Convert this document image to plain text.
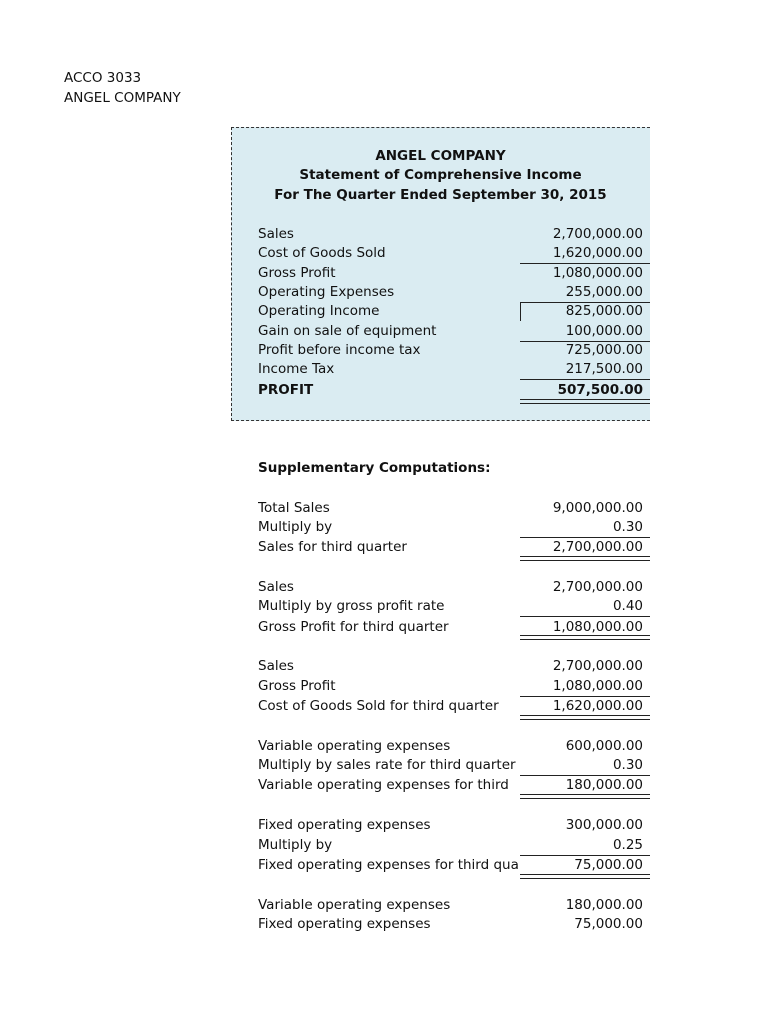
ACCO 3033
ANGEL COMPANY
ANGEL COMPANY
Statement of Comprehensive Income
For The Quarter Ended September 30, 2015
Sales	2,700,000.00
Cost of Goods Sold	1,620,000.00
Gross Profit	1,080,000.00
Operating Expenses	255,000.00
Operating Income	825,000.00
Gain on sale of equipment	100,000.00
Profit before income tax	725,000.00
Income Tax	217,500.00
PROFIT	507,500.00
Supplementary Computations:
Total Sales	9,000,000.00
Multiply by	0.30
Sales for third quarter	2,700,000.00
Sales	2,700,000.00
Multiply by gross profit rate	0.40
Gross Profit for third quarter	1,080,000.00
Sales	2,700,000.00
Gross Profit	1,080,000.00
Cost of Goods Sold for third quarter	1,620,000.00
Variable operating expenses	600,000.00
Multiply by sales rate for third quarter	0.30
Variable operating expenses for third	180,000.00
Fixed operating expenses	300,000.00
Multiply by	0.25
Fixed operating expenses for third qua	75,000.00
Variable operating expenses	180,000.00
Fixed operating expenses	75,000.00
